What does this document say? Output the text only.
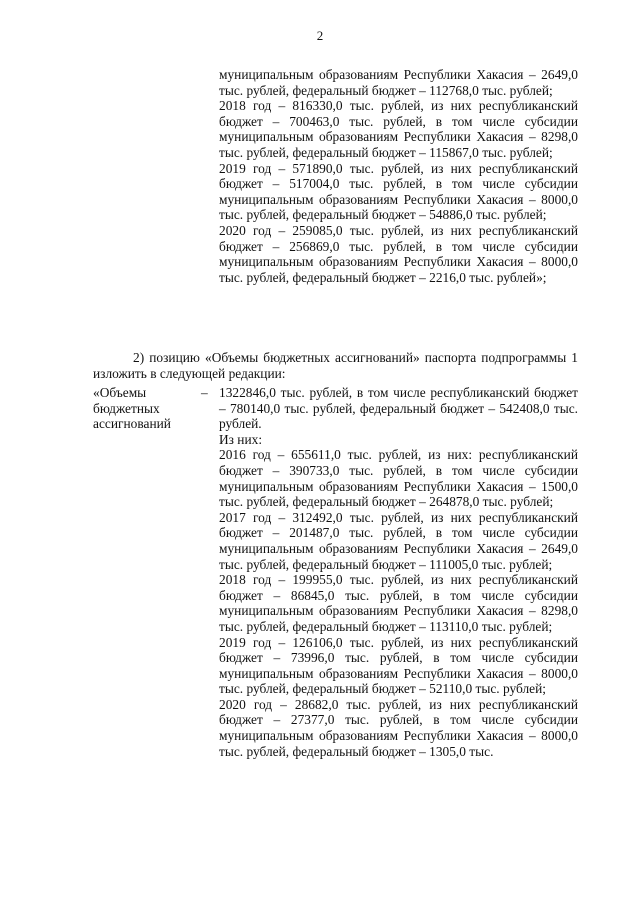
2

муниципальным образованиям Республики Хакасия – 2649,0 тыс. рублей, федеральный бюджет – 112768,0 тыс. рублей;

2018 год – 816330,0 тыс. рублей, из них республиканский бюджет – 700463,0 тыс. рублей, в том числе субсидии муниципальным образованиям Республики Хакасия – 8298,0 тыс. рублей, федеральный бюджет – 115867,0 тыс. рублей;

2019 год – 571890,0 тыс. рублей, из них республиканский бюджет – 517004,0 тыс. рублей, в том числе субсидии муниципальным образованиям Республики Хакасия – 8000,0 тыс. рублей, федеральный бюджет – 54886,0 тыс. рублей;

2020 год – 259085,0 тыс. рублей, из них республиканский бюджет – 256869,0 тыс. рублей, в том числе субсидии муниципальным образованиям Республики Хакасия – 8000,0 тыс. рублей, федеральный бюджет – 2216,0 тыс. рублей»;

2) позицию «Объемы бюджетных ассигнований» паспорта подпрограммы 1 изложить в следующей редакции:
«Объемы бюджетных ассигнований
– 1322846,0 тыс. рублей, в том числе республиканский бюджет – 780140,0 тыс. рублей, федеральный бюджет – 542408,0 тыс. рублей.

Из них:

2016 год – 655611,0 тыс. рублей, из них: республиканский бюджет – 390733,0 тыс. рублей, в том числе субсидии муниципальным образованиям Республики Хакасия – 1500,0 тыс. рублей, федеральный бюджет – 264878,0 тыс. рублей;

2017 год – 312492,0 тыс. рублей, из них республиканский бюджет – 201487,0 тыс. рублей, в том числе субсидии муниципальным образованиям Республики Хакасия – 2649,0 тыс. рублей, федеральный бюджет – 111005,0 тыс. рублей;

2018 год – 199955,0 тыс. рублей, из них республиканский бюджет – 86845,0 тыс. рублей, в том числе субсидии муниципальным образованиям Республики Хакасия – 8298,0 тыс. рублей, федеральный бюджет – 113110,0 тыс. рублей;

2019 год – 126106,0 тыс. рублей, из них республиканский бюджет – 73996,0 тыс. рублей, в том числе субсидии муниципальным образованиям Республики Хакасия – 8000,0 тыс. рублей, федеральный бюджет – 52110,0 тыс. рублей;

2020 год – 28682,0 тыс. рублей, из них республиканский бюджет – 27377,0 тыс. рублей, в том числе субсидии муниципальным образованиям Республики Хакасия – 8000,0 тыс. рублей, федеральный бюджет – 1305,0 тыс.
